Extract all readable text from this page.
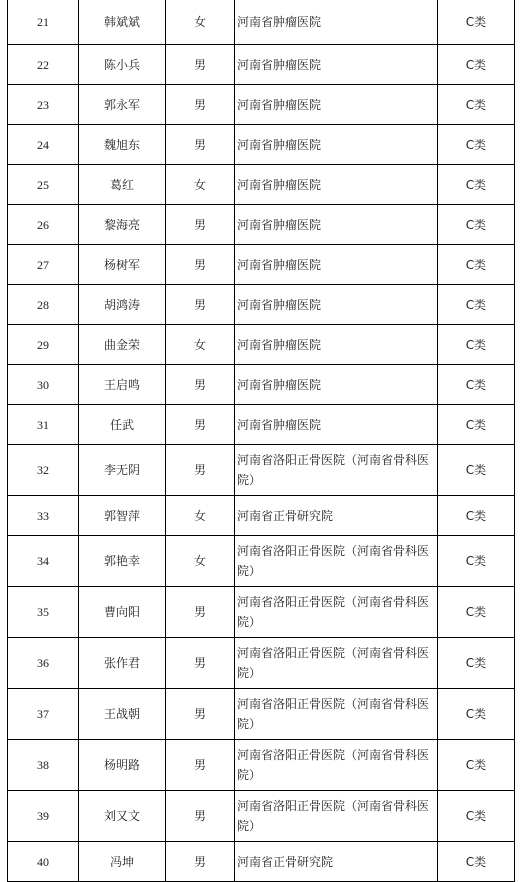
21	韩斌斌	女	河南省肿瘤医院	C类
22	陈小兵	男	河南省肿瘤医院	C类
23	郭永军	男	河南省肿瘤医院	C类
24	魏旭东	男	河南省肿瘤医院	C类
25	葛红	女	河南省肿瘤医院	C类
26	黎海亮	男	河南省肿瘤医院	C类
27	杨树军	男	河南省肿瘤医院	C类
28	胡鸿涛	男	河南省肿瘤医院	C类
29	曲金荣	女	河南省肿瘤医院	C类
30	王启鸣	男	河南省肿瘤医院	C类
31	任武	男	河南省肿瘤医院	C类
32	李无阴	男	河南省洛阳正骨医院（河南省骨科医院）	C类
33	郭智萍	女	河南省正骨研究院	C类
34	郭艳幸	女	河南省洛阳正骨医院（河南省骨科医院）	C类
35	曹向阳	男	河南省洛阳正骨医院（河南省骨科医院）	C类
36	张作君	男	河南省洛阳正骨医院（河南省骨科医院）	C类
37	王战朝	男	河南省洛阳正骨医院（河南省骨科医院）	C类
38	杨明路	男	河南省洛阳正骨医院（河南省骨科医院）	C类
39	刘又文	男	河南省洛阳正骨医院（河南省骨科医院）	C类
40	冯坤	男	河南省正骨研究院	C类
